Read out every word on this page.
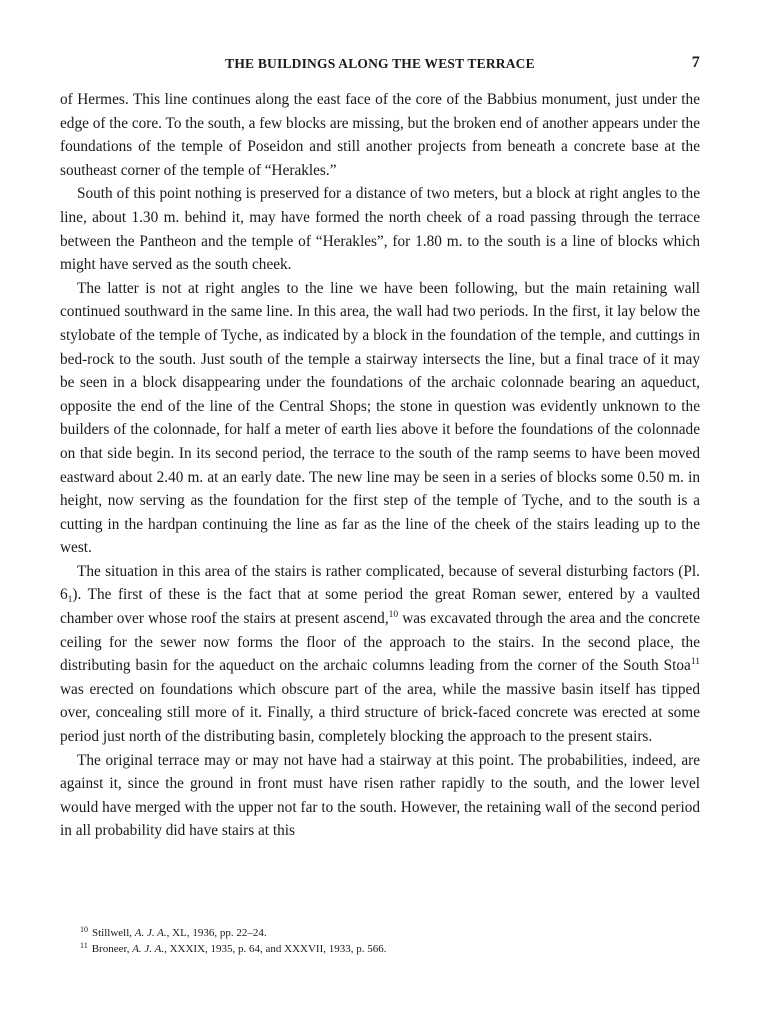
THE BUILDINGS ALONG THE WEST TERRACE	7

of Hermes. This line continues along the east face of the core of the Babbius monument, just under the edge of the core. To the south, a few blocks are missing, but the broken end of another appears under the foundations of the temple of Poseidon and still another projects from beneath a concrete base at the southeast corner of the temple of “Herakles.”

South of this point nothing is preserved for a distance of two meters, but a block at right angles to the line, about 1.30 m. behind it, may have formed the north cheek of a road passing through the terrace between the Pantheon and the temple of “Herakles”, for 1.80 m. to the south is a line of blocks which might have served as the south cheek.

The latter is not at right angles to the line we have been following, but the main retaining wall continued southward in the same line. In this area, the wall had two periods. In the first, it lay below the stylobate of the temple of Tyche, as indicated by a block in the foundation of the temple, and cuttings in bed-rock to the south. Just south of the temple a stairway intersects the line, but a final trace of it may be seen in a block disappearing under the foundations of the archaic colonnade bearing an aqueduct, opposite the end of the line of the Central Shops; the stone in question was evidently unknown to the builders of the colonnade, for half a meter of earth lies above it before the foundations of the colonnade on that side begin. In its second period, the terrace to the south of the ramp seems to have been moved eastward about 2.40 m. at an early date. The new line may be seen in a series of blocks some 0.50 m. in height, now serving as the foundation for the first step of the temple of Tyche, and to the south is a cutting in the hardpan continuing the line as far as the line of the cheek of the stairs leading up to the west.

The situation in this area of the stairs is rather complicated, because of several disturbing factors (Pl. $6_1$). The first of these is the fact that at some period the great Roman sewer, entered by a vaulted chamber over whose roof the stairs at present ascend,$^{10}$ was excavated through the area and the concrete ceiling for the sewer now forms the floor of the approach to the stairs. In the second place, the distributing basin for the aqueduct on the archaic columns leading from the corner of the South Stoa$^{11}$ was erected on foundations which obscure part of the area, while the massive basin itself has tipped over, concealing still more of it. Finally, a third structure of brick-faced concrete was erected at some period just north of the distributing basin, completely blocking the approach to the present stairs.

The original terrace may or may not have had a stairway at this point. The probabilities, indeed, are against it, since the ground in front must have risen rather rapidly to the south, and the lower level would have merged with the upper not far to the south. However, the retaining wall of the second period in all probability did have stairs at this

$^{10}$ Stillwell, A. J. A., XL, 1936, pp. 22–24.
$^{11}$ Broneer, A. J. A., XXXIX, 1935, p. 64, and XXXVII, 1933, p. 566.
